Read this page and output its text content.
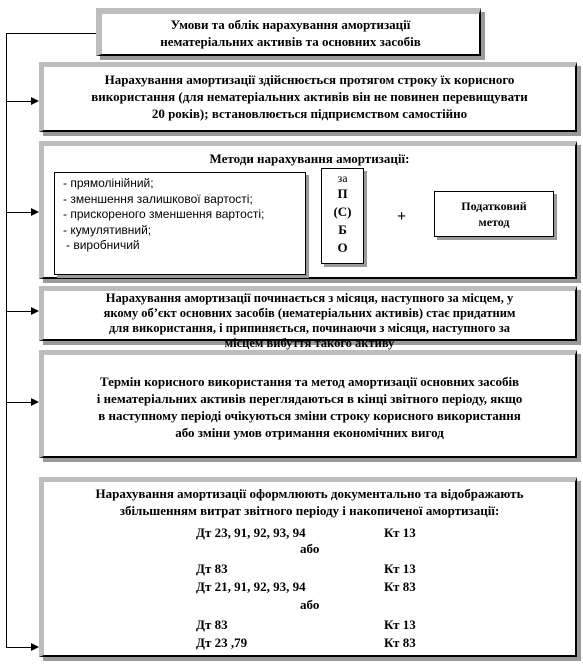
Умови та облік нарахування амортизації
нематеріальних активів та основних засобів
Нарахування амортизації здійснюється протягом строку їх корисного
використання (для нематеріальних активів він не повинен перевищувати
20 років); встановлюється підприємством самостійно
Методи нарахування амортизації:
- прямолінійний;
- зменшення залишкової вартості;
- прискореного зменшення вартості;
- кумулятивний;
- виробничий
за
П
(С)
Б
О
+
Податковий
метод
Нарахування амортизації починається з місяця, наступного за місцем, у
якому об’єкт основних засобів (нематеріальних активів) стає придатним
для використання, і припиняється, починаючи з місяця, наступного за
місцем вибуття такого активу
Термін корисного використання та метод амортизації основних засобів
і нематеріальних активів переглядаються в кінці звітного періоду, якщо
в наступному періоді очікуються зміни строку корисного використання
або зміни умов отримання економічних вигод
Нарахування амортизації оформлюють документально та відображають
збільшенням витрат звітного періоду і накопиченої амортизації:
Дт 23, 91, 92, 93, 94	Кт 13
або
Дт 83	Кт 13
Дт 21, 91, 92, 93, 94	Кт 83
або
Дт 83	Кт 13
Дт 23 ,79	Кт 83
